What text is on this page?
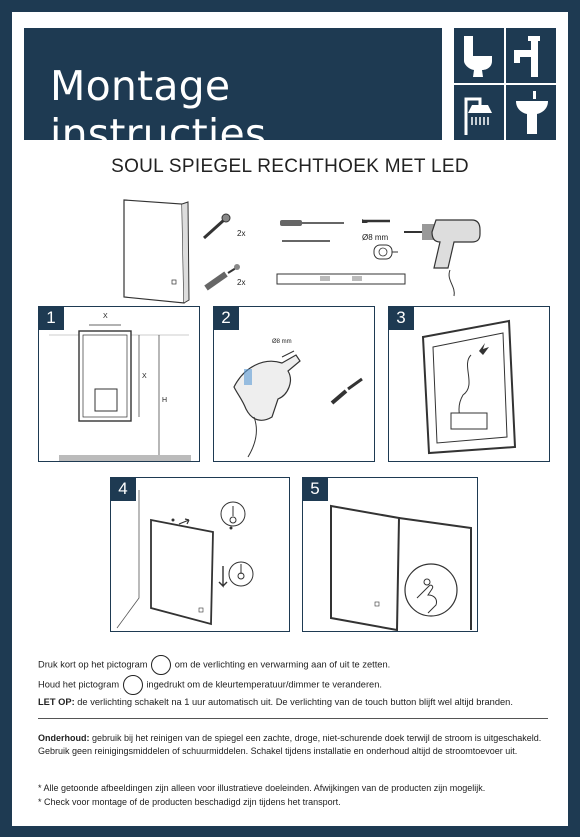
Montage instructies
SOUL SPIEGEL RECHTHOEK MET LED
2x
2x
Ø8 mm
1	X
X
H
2
Ø8 mm
3
4	5
Druk kort op het pictogram	om de verlichting en verwarming aan of uit te zetten.
Houd het pictogram	ingedrukt om de kleurtemperatuur/dimmer te veranderen.
LET OP: de verlichting schakelt na 1 uur automatisch uit. De verlichting van de touch button blijft wel altijd branden.
Onderhoud: gebruik bij het reinigen van de spiegel een zachte, droge, niet-schurende doek terwijl de stroom is uitgeschakeld. Gebruik geen reinigingsmiddelen of schuurmiddelen. Schakel tijdens installatie en onderhoud altijd de stroomtoevoer uit.
* Alle getoonde afbeeldingen zijn alleen voor illustratieve doeleinden. Afwijkingen van de producten zijn mogelijk.
* Check voor montage of de producten beschadigd zijn tijdens het transport.
